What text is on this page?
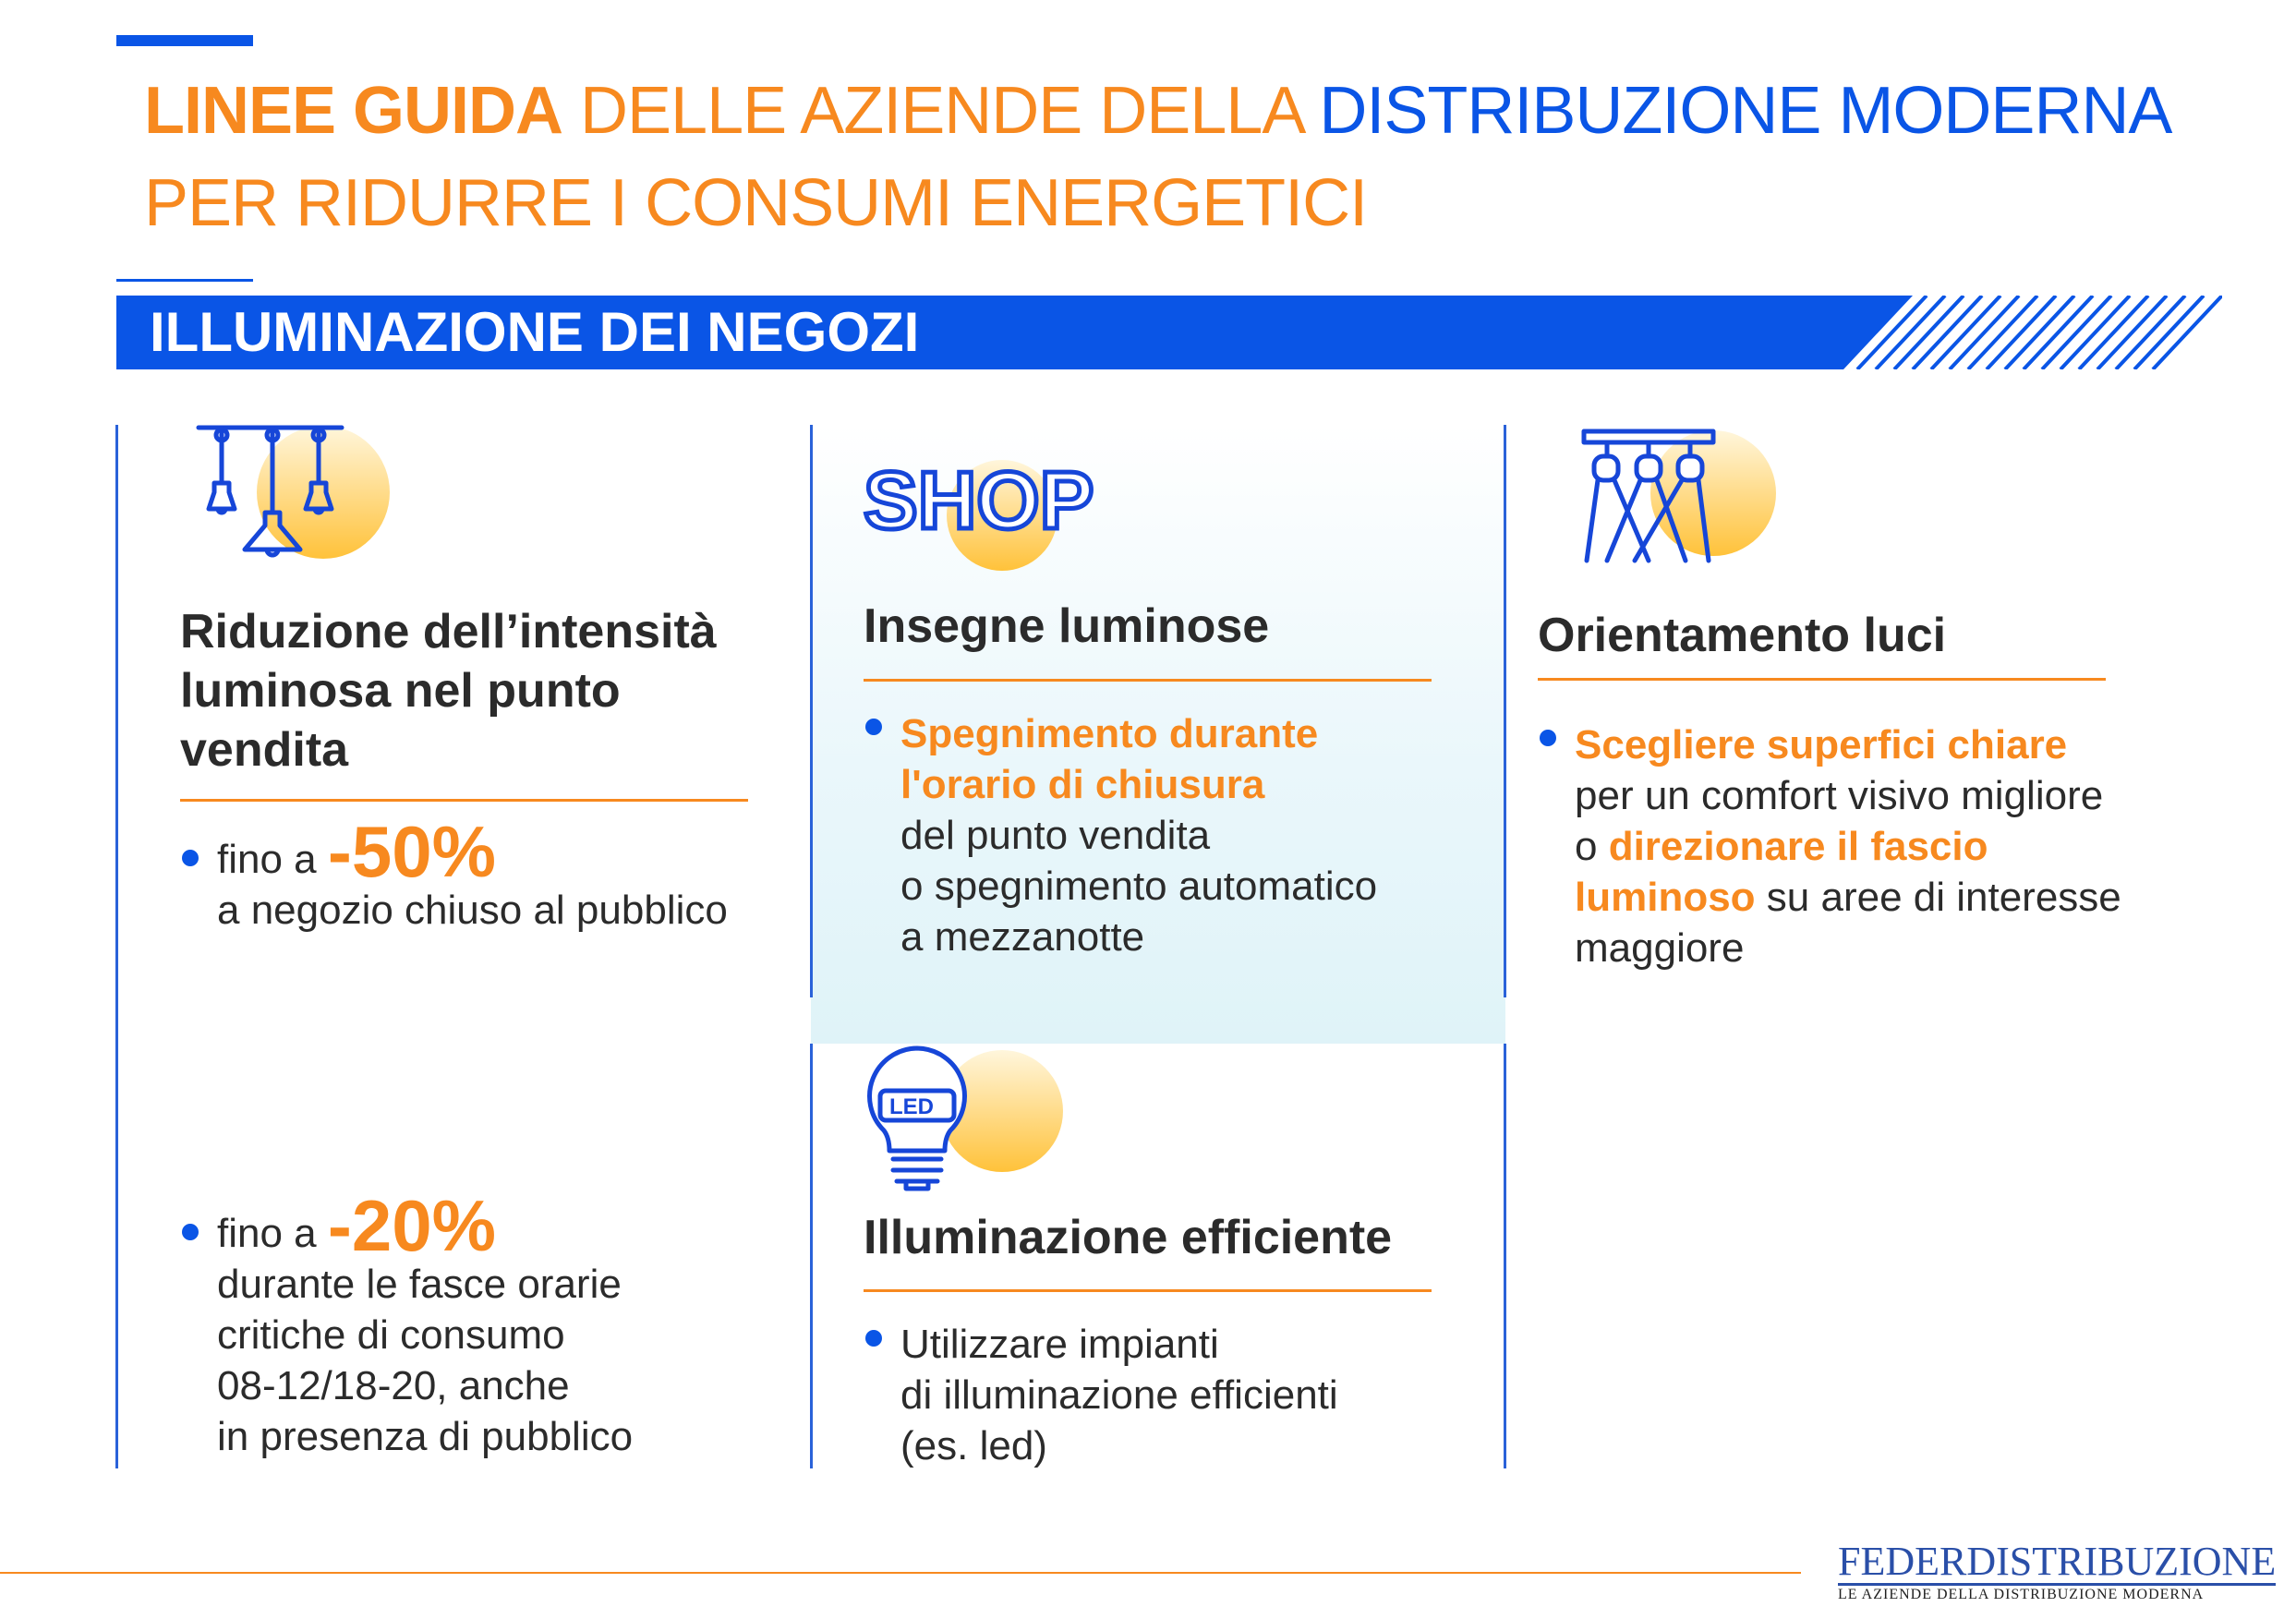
LINEE GUIDA DELLE AZIENDE DELLA DISTRIBUZIONE MODERNA
PER RIDURRE I CONSUMI ENERGETICI
ILLUMINAZIONE DEI NEGOZI
Riduzione dell’intensità
luminosa nel punto
vendita
fino a -50%
a negozio chiuso al pubblico
fino a -20%
durante le fasce orarie
critiche di consumo
08-12/18-20, anche
in presenza di pubblico
SHOP
Insegne luminose
Spegnimento durante
l'orario di chiusura
del punto vendita
o spegnimento automatico
a mezzanotte
LED
Illuminazione efficiente
Utilizzare impianti
di illuminazione efficienti
(es. led)
Orientamento luci
Scegliere superfici chiare
per un comfort visivo migliore
o direzionare il fascio
luminoso su aree di interesse
maggiore
FEDERDISTRIBUZIONE
LE AZIENDE DELLA DISTRIBUZIONE MODERNA
